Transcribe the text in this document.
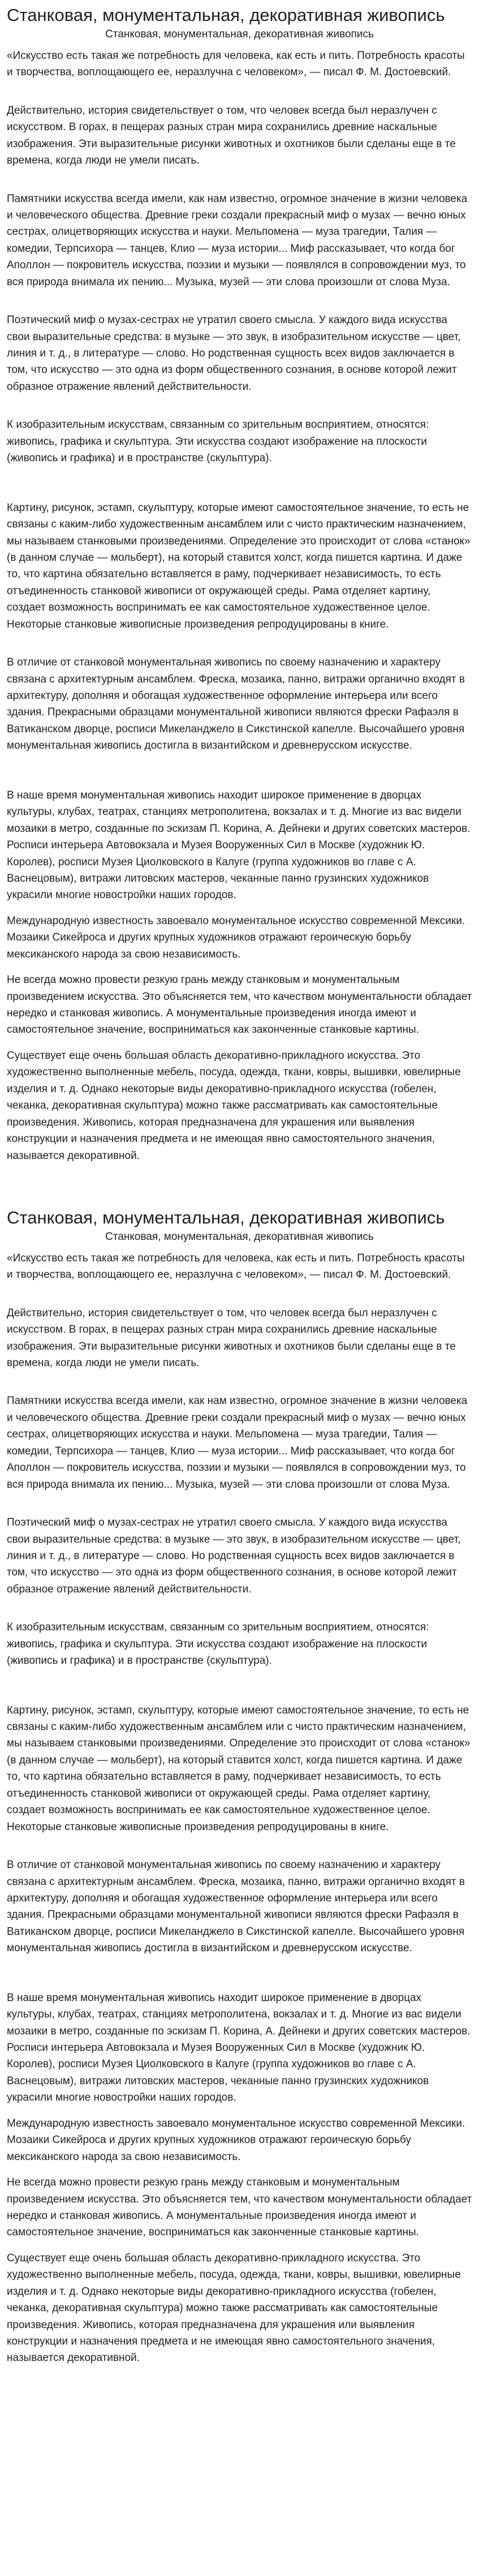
Станковая, монументальная, декоративная живопись
Станковая, монументальная, декоративная живопись

«Искусство есть такая же потребность для человека, как есть и пить. Потребность красоты и творчества, воплощающего ее, неразлучна с человеком», — писал Ф. М. Достоевский.

Действительно, история свидетельствует о том, что человек всегда был неразлучен с искусством. В горах, в пещерах разных стран мира сохранились древние наскальные изображения. Эти выразительные рисунки животных и охотников были сделаны еще в те времена, когда люди не умели писать.

Памятники искусства всегда имели, как нам известно, огромное значение в жизни человека и человеческого общества. Древние греки создали прекрасный миф о музах — вечно юных сестрах, олицетворяющих искусства и науки. Мельпомена — муза трагедии, Талия — комедии, Терпсихора — танцев, Клио — муза истории... Миф рассказывает, что когда бог Аполлон — покровитель искусства, поэзии и музыки — появлялся в сопровождении муз, то вся природа внимала их пению... Музыка, музей — эти слова произошли от слова Муза.

Поэтический миф о музах-сестрах не утратил своего смысла. У каждого вида искусства свои выразительные средства: в музыке — это звук, в изобразительном искусстве — цвет, линия и т. д., в литературе — слово. Но родственная сущность всех видов заключается в том, что искусство — это одна из форм общественного сознания, в основе которой лежит образное отражение явлений действительности.

К изобразительным искусствам, связанным со зрительным восприятием, относятся: живопись, графика и скульптура. Эти искусства создают изображение на плоскости (живопись и графика) и в пространстве (скульптура).

Картину, рисунок, эстамп, скульптуру, которые имеют самостоятельное значение, то есть не связаны с каким-либо художественным ансамблем или с чисто практическим назначением, мы называем станковыми произведениями. Определение это происходит от слова «станок» (в данном случае — мольберт), на который ставится холст, когда пишется картина. И даже то, что картина обязательно вставляется в раму, подчеркивает независимость, то есть отъединенность станковой живописи от окружающей среды. Рама отделяет картину, создает возможность воспринимать ее как самостоятельное художественное целое. Некоторые станковые живописные произведения репродуцированы в книге.

В отличие от станковой монументальная живопись по своему назначению и характеру связана с архитектурным ансамблем. Фреска, мозаика, панно, витражи органично входят в архитектуру, дополняя и обогащая художественное оформление интерьера или всего здания. Прекрасными образцами монументальной живописи являются фрески Рафаэля в Ватиканском дворце, росписи Микеланджело в Сикстинской капелле. Высочайшего уровня монументальная живопись достигла в византийском и древнерусском искусстве.

В наше время монументальная живопись находит широкое применение в дворцах культуры, клубах, театрах, станциях метрополитена, вокзалах и т. д. Многие из вас видели мозаики в метро, созданные по эскизам П. Корина, А. Дейнеки и других советских мастеров. Росписи интерьера Автовокзала и Музея Вооруженных Сил в Москве (художник Ю. Королев), росписи Музея Циолковского в Калуге (группа художников во главе с А. Васнецовым), витражи литовских мастеров, чеканные панно грузинских художников украсили многие новостройки наших городов.

Международную известность завоевало монументальное искусство современной Мексики. Мозаики Сикейроса и других крупных художников отражают героическую борьбу мексиканского народа за свою независимость.

Не всегда можно провести резкую грань между станковым и монументальным произведением искусства. Это объясняется тем, что качеством монументальности обладает нередко и станковая живопись. А монументальные произведения иногда имеют и самостоятельное значение, восприниматься как законченные станковые картины.

Существует еще очень большая область декоративно-прикладного искусства. Это художественно выполненные мебель, посуда, одежда, ткани, ковры, вышивки, ювелирные изделия и т. д. Однако некоторые виды декоративно-прикладного искусства (гобелен, чеканка, декоративная скульптура) можно также рассматривать как самостоятельные произведения. Живопись, которая предназначена для украшения или выявления конструкции и назначения предмета и не имеющая явно самостоятельного значения, называется декоративной.

Станковая, монументальная, декоративная живопись
Станковая, монументальная, декоративная живопись

«Искусство есть такая же потребность для человека, как есть и пить. Потребность красоты и творчества, воплощающего ее, неразлучна с человеком», — писал Ф. М. Достоевский.

Действительно, история свидетельствует о том, что человек всегда был неразлучен с искусством. В горах, в пещерах разных стран мира сохранились древние наскальные изображения. Эти выразительные рисунки животных и охотников были сделаны еще в те времена, когда люди не умели писать.

Памятники искусства всегда имели, как нам известно, огромное значение в жизни человека и человеческого общества. Древние греки создали прекрасный миф о музах — вечно юных сестрах, олицетворяющих искусства и науки. Мельпомена — муза трагедии, Талия — комедии, Терпсихора — танцев, Клио — муза истории... Миф рассказывает, что когда бог Аполлон — покровитель искусства, поэзии и музыки — появлялся в сопровождении муз, то вся природа внимала их пению... Музыка, музей — эти слова произошли от слова Муза.

Поэтический миф о музах-сестрах не утратил своего смысла. У каждого вида искусства свои выразительные средства: в музыке — это звук, в изобразительном искусстве — цвет, линия и т. д., в литературе — слово. Но родственная сущность всех видов заключается в том, что искусство — это одна из форм общественного сознания, в основе которой лежит образное отражение явлений действительности.

К изобразительным искусствам, связанным со зрительным восприятием, относятся: живопись, графика и скульптура. Эти искусства создают изображение на плоскости (живопись и графика) и в пространстве (скульптура).

Картину, рисунок, эстамп, скульптуру, которые имеют самостоятельное значение, то есть не связаны с каким-либо художественным ансамблем или с чисто практическим назначением, мы называем станковыми произведениями. Определение это происходит от слова «станок» (в данном случае — мольберт), на который ставится холст, когда пишется картина. И даже то, что картина обязательно вставляется в раму, подчеркивает независимость, то есть отъединенность станковой живописи от окружающей среды. Рама отделяет картину, создает возможность воспринимать ее как самостоятельное художественное целое. Некоторые станковые живописные произведения репродуцированы в книге.

В отличие от станковой монументальная живопись по своему назначению и характеру связана с архитектурным ансамблем. Фреска, мозаика, панно, витражи органично входят в архитектуру, дополняя и обогащая художественное оформление интерьера или всего здания. Прекрасными образцами монументальной живописи являются фрески Рафаэля в Ватиканском дворце, росписи Микеланджело в Сикстинской капелле. Высочайшего уровня монументальная живопись достигла в византийском и древнерусском искусстве.

В наше время монументальная живопись находит широкое применение в дворцах культуры, клубах, театрах, станциях метрополитена, вокзалах и т. д. Многие из вас видели мозаики в метро, созданные по эскизам П. Корина, А. Дейнеки и других советских мастеров. Росписи интерьера Автовокзала и Музея Вооруженных Сил в Москве (художник Ю. Королев), росписи Музея Циолковского в Калуге (группа художников во главе с А. Васнецовым), витражи литовских мастеров, чеканные панно грузинских художников украсили многие новостройки наших городов.

Международную известность завоевало монументальное искусство современной Мексики. Мозаики Сикейроса и других крупных художников отражают героическую борьбу мексиканского народа за свою независимость.

Не всегда можно провести резкую грань между станковым и монументальным произведением искусства. Это объясняется тем, что качеством монументальности обладает нередко и станковая живопись. А монументальные произведения иногда имеют и самостоятельное значение, восприниматься как законченные станковые картины.

Существует еще очень большая область декоративно-прикладного искусства. Это художественно выполненные мебель, посуда, одежда, ткани, ковры, вышивки, ювелирные изделия и т. д. Однако некоторые виды декоративно-прикладного искусства (гобелен, чеканка, декоративная скульптура) можно также рассматривать как самостоятельные произведения. Живопись, которая предназначена для украшения или выявления конструкции и назначения предмета и не имеющая явно самостоятельного значения, называется декоративной.
